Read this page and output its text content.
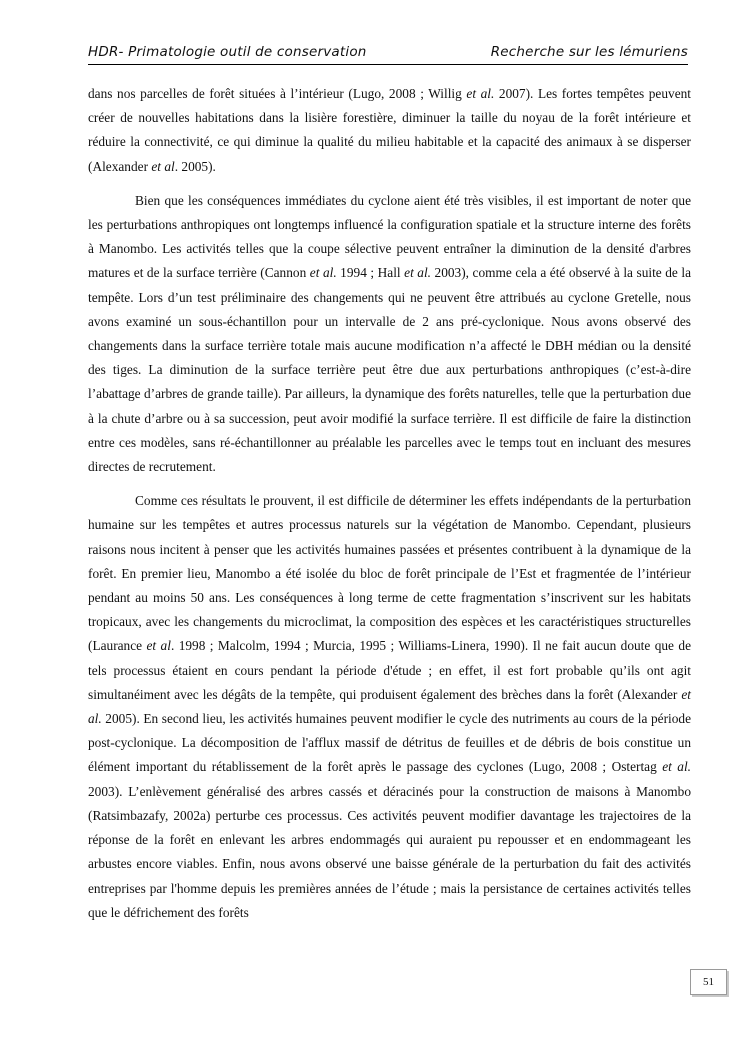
HDR- Primatologie outil de conservation	Recherche sur les lémuriens

dans nos parcelles de forêt situées à l’intérieur (Lugo, 2008 ; Willig et al. 2007). Les fortes tempêtes peuvent créer de nouvelles habitations dans la lisière forestière, diminuer la taille du noyau de la forêt intérieure et réduire la connectivité, ce qui diminue la qualité du milieu habitable et la capacité des animaux à se disperser (Alexander et al. 2005).

Bien que les conséquences immédiates du cyclone aient été très visibles, il est important de noter que les perturbations anthropiques ont longtemps influencé la configuration spatiale et la structure interne des forêts à Manombo. Les activités telles que la coupe sélective peuvent entraîner la diminution de la densité d'arbres matures et de la surface terrière (Cannon et al. 1994 ; Hall et al. 2003), comme cela a été observé à la suite de la tempête. Lors d’un test préliminaire des changements qui ne peuvent être attribués au cyclone Gretelle, nous avons examiné un sous-échantillon pour un intervalle de 2 ans pré-cyclonique. Nous avons observé des changements dans la surface terrière totale mais aucune modification n’a affecté le DBH médian ou la densité des tiges. La diminution de la surface terrière peut être due aux perturbations anthropiques (c’est-à-dire l’abattage d’arbres de grande taille). Par ailleurs, la dynamique des forêts naturelles, telle que la perturbation due à la chute d’arbre ou à sa succession, peut avoir modifié la surface terrière. Il est difficile de faire la distinction entre ces modèles, sans ré-échantillonner au préalable les parcelles avec le temps tout en incluant des mesures directes de recrutement.

Comme ces résultats le prouvent, il est difficile de déterminer les effets indépendants de la perturbation humaine sur les tempêtes et autres processus naturels sur la végétation de Manombo. Cependant, plusieurs raisons nous incitent à penser que les activités humaines passées et présentes contribuent à la dynamique de la forêt. En premier lieu, Manombo a été isolée du bloc de forêt principale de l’Est et fragmentée de l’intérieur pendant au moins 50 ans. Les conséquences à long terme de cette fragmentation s’inscrivent sur les habitats tropicaux, avec les changements du microclimat, la composition des espèces et les caractéristiques structurelles (Laurance et al. 1998 ; Malcolm, 1994 ; Murcia, 1995 ; Williams-Linera, 1990). Il ne fait aucun doute que de tels processus étaient en cours pendant la période d'étude ; en effet, il est fort probable qu’ils ont agit simultanéiment avec les dégâts de la tempête, qui produisent également des brèches dans la forêt (Alexander et al. 2005). En second lieu, les activités humaines peuvent modifier le cycle des nutriments au cours de la période post-cyclonique. La décomposition de l'afflux massif de détritus de feuilles et de débris de bois constitue un élément important du rétablissement de la forêt après le passage des cyclones (Lugo, 2008 ; Ostertag et al. 2003). L’enlèvement généralisé des arbres cassés et déracinés pour la construction de maisons à Manombo (Ratsimbazafy, 2002a) perturbe ces processus. Ces activités peuvent modifier davantage les trajectoires de la réponse de la forêt en enlevant les arbres endommagés qui auraient pu repousser et en endommageant les arbustes encore viables. Enfin, nous avons observé une baisse générale de la perturbation du fait des activités entreprises par l'homme depuis les premières années de l’étude ; mais la persistance de certaines activités telles que le défrichement des forêts

51
